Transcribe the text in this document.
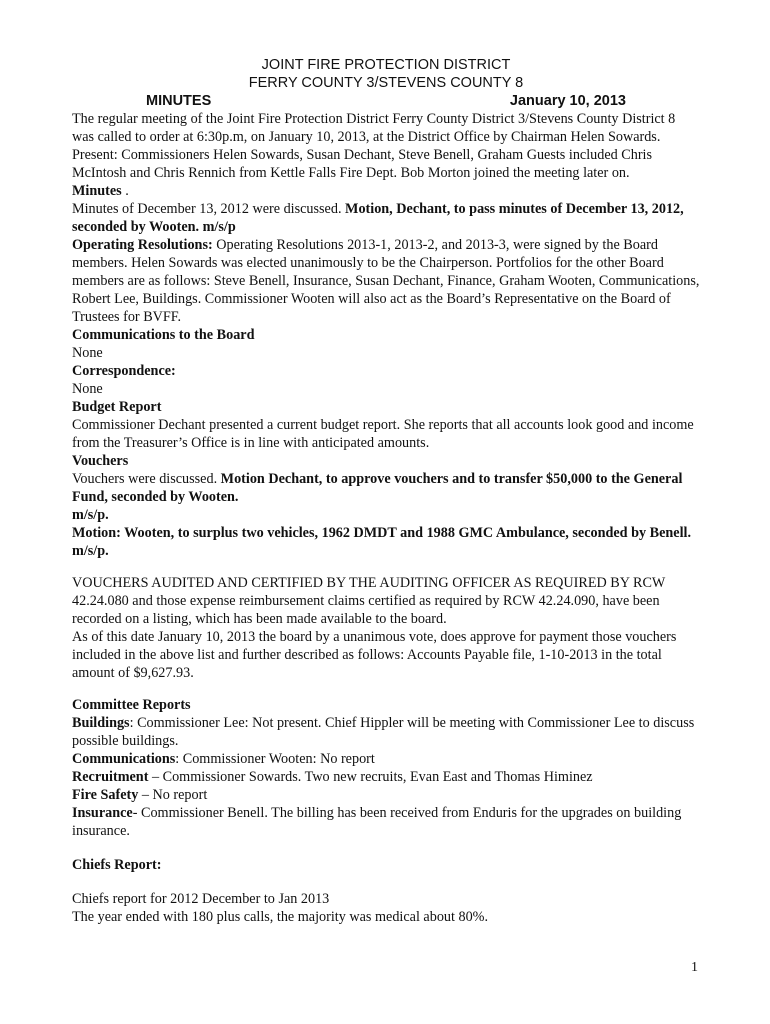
JOINT FIRE PROTECTION DISTRICT
FERRY COUNTY 3/STEVENS COUNTY 8
MINUTES	January 10, 2013

The regular meeting of the Joint Fire Protection District Ferry County District 3/Stevens County District 8 was called to order at 6:30p.m, on January 10, 2013, at the District Office by Chairman Helen Sowards. Present: Commissioners Helen Sowards, Susan Dechant, Steve Benell, Graham Guests included Chris McIntosh and Chris Rennich from Kettle Falls Fire Dept. Bob Morton joined the meeting later on.

Minutes .

Minutes of December 13, 2012 were discussed. Motion, Dechant, to pass minutes of December 13, 2012, seconded by Wooten. m/s/p

Operating Resolutions: Operating Resolutions 2013-1, 2013-2, and 2013-3, were signed by the Board members. Helen Sowards was elected unanimously to be the Chairperson. Portfolios for the other Board members are as follows: Steve Benell, Insurance, Susan Dechant, Finance, Graham Wooten, Communications, Robert Lee, Buildings. Commissioner Wooten will also act as the Board’s Representative on the Board of Trustees for BVFF.

Communications to the Board

None

Correspondence:

None

Budget Report

Commissioner Dechant presented a current budget report. She reports that all accounts look good and income from the Treasurer’s Office is in line with anticipated amounts.

Vouchers

Vouchers were discussed. Motion Dechant, to approve vouchers and to transfer $50,000 to the General Fund, seconded by Wooten.

m/s/p.

Motion: Wooten, to surplus two vehicles, 1962 DMDT and 1988 GMC Ambulance, seconded by Benell. m/s/p.

VOUCHERS AUDITED AND CERTIFIED BY THE AUDITING OFFICER AS REQUIRED BY RCW 42.24.080 and those expense reimbursement claims certified as required by RCW 42.24.090, have been recorded on a listing, which has been made available to the board.

As of this date January 10, 2013 the board by a unanimous vote, does approve for payment those vouchers included in the above list and further described as follows: Accounts Payable file, 1-10-2013 in the total amount of $9,627.93.

Committee Reports

Buildings: Commissioner Lee: Not present. Chief Hippler will be meeting with Commissioner Lee to discuss possible buildings.

Communications: Commissioner Wooten: No report

Recruitment – Commissioner Sowards. Two new recruits, Evan East and Thomas Himinez

Fire Safety – No report

Insurance- Commissioner Benell. The billing has been received from Enduris for the upgrades on building insurance.

Chiefs Report:

Chiefs report for 2012 December to Jan 2013

The year ended with 180 plus calls, the majority was medical about 80%.

1
